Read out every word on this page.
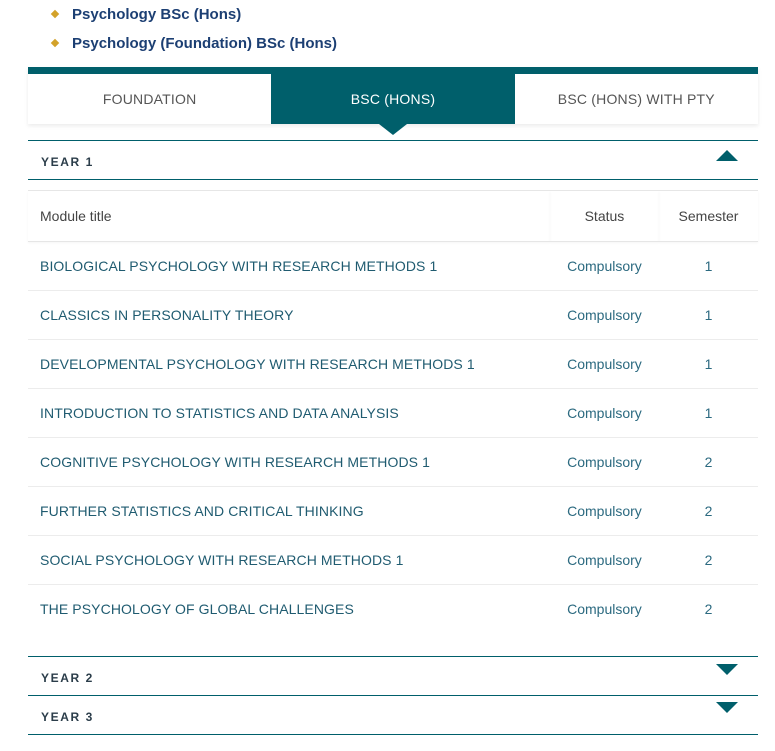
Psychology BSc (Hons)
Psychology (Foundation) BSc (Hons)
FOUNDATION	BSC (HONS)	BSC (HONS) WITH PTY
YEAR 1
Module title	Status	Semester
BIOLOGICAL PSYCHOLOGY WITH RESEARCH METHODS 1	Compulsory	1
CLASSICS IN PERSONALITY THEORY	Compulsory	1
DEVELOPMENTAL PSYCHOLOGY WITH RESEARCH METHODS 1	Compulsory	1
INTRODUCTION TO STATISTICS AND DATA ANALYSIS	Compulsory	1
COGNITIVE PSYCHOLOGY WITH RESEARCH METHODS 1	Compulsory	2
FURTHER STATISTICS AND CRITICAL THINKING	Compulsory	2
SOCIAL PSYCHOLOGY WITH RESEARCH METHODS 1	Compulsory	2
THE PSYCHOLOGY OF GLOBAL CHALLENGES	Compulsory	2
YEAR 2
YEAR 3
